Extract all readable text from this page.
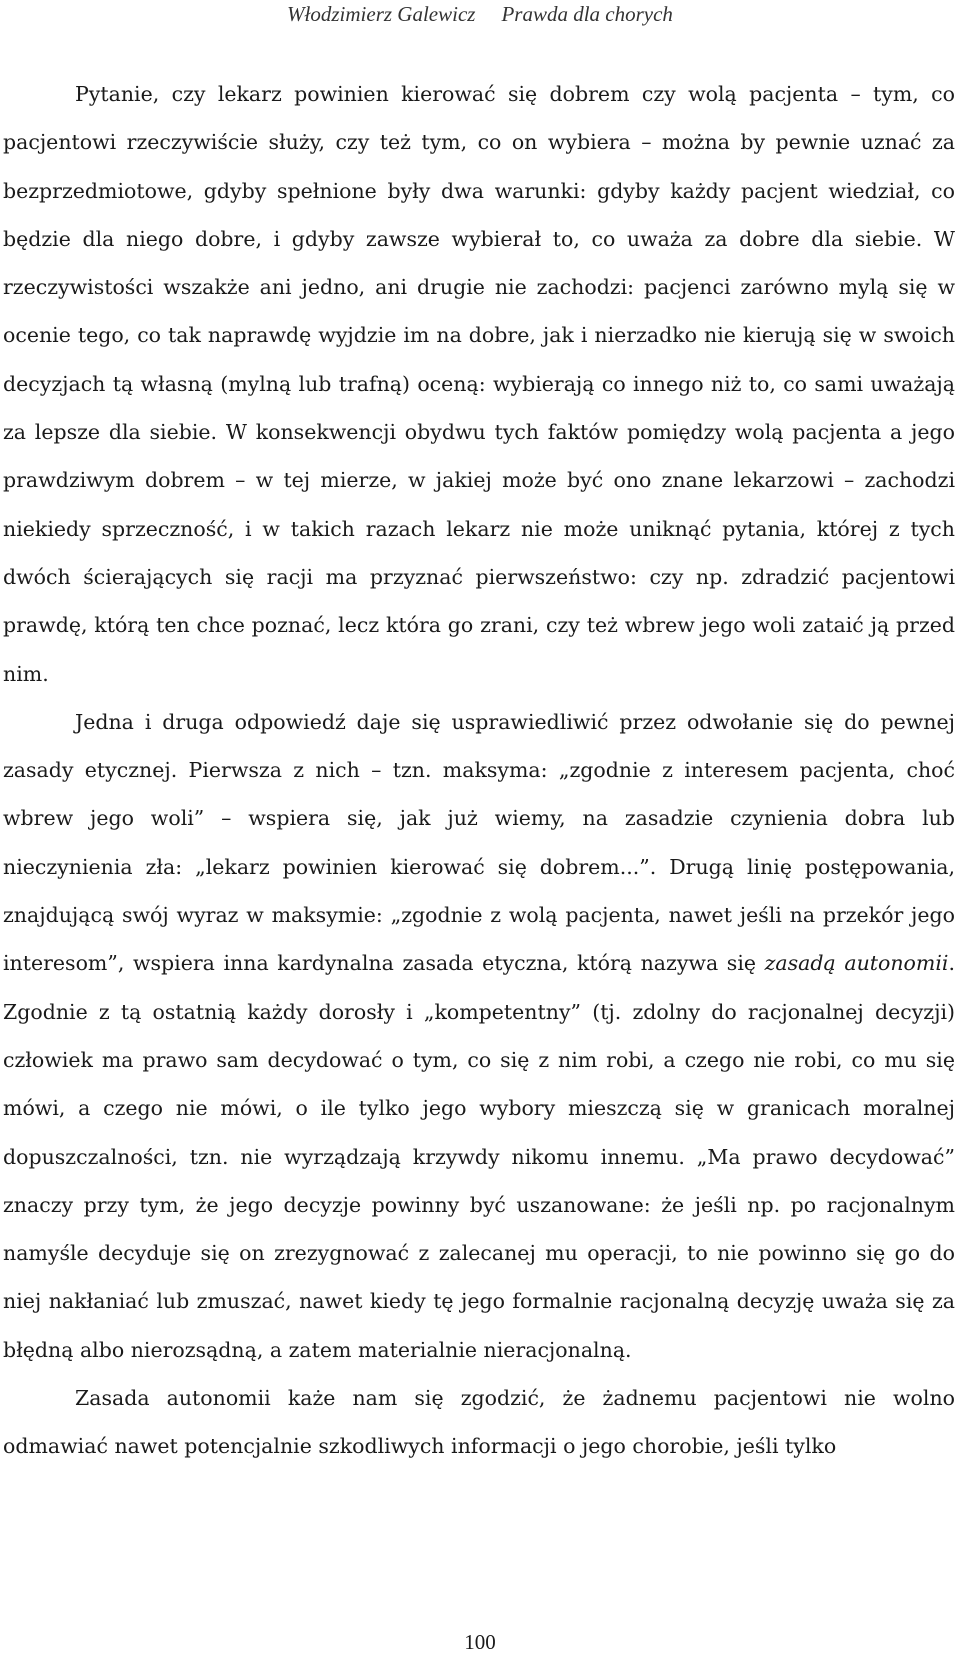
Włodzimierz Galewicz Prawda dla chorych

Pytanie, czy lekarz powinien kierować się dobrem czy wolą pacjenta – tym, co pacjentowi rzeczywiście służy, czy też tym, co on wybiera – można by pewnie uznać za bezprzedmiotowe, gdyby spełnione były dwa warunki: gdyby każdy pacjent wiedział, co będzie dla niego dobre, i gdyby zawsze wybierał to, co uważa za dobre dla siebie. W rzeczywistości wszakże ani jedno, ani drugie nie zachodzi: pacjenci zarówno mylą się w ocenie tego, co tak naprawdę wyjdzie im na dobre, jak i nierzadko nie kierują się w swoich decyzjach tą własną (mylną lub trafną) oceną: wybierają co innego niż to, co sami uważają za lepsze dla siebie. W konsekwencji obydwu tych faktów pomiędzy wolą pacjenta a jego prawdziwym dobrem – w tej mierze, w jakiej może być ono znane lekarzowi – zachodzi niekiedy sprzeczność, i w takich razach lekarz nie może uniknąć pytania, której z tych dwóch ścierających się racji ma przyznać pierwszeństwo: czy np. zdradzić pacjentowi prawdę, którą ten chce poznać, lecz która go zrani, czy też wbrew jego woli zataić ją przed nim.

Jedna i druga odpowiedź daje się usprawiedliwić przez odwołanie się do pewnej zasady etycznej. Pierwsza z nich – tzn. maksyma: „zgodnie z interesem pacjenta, choć wbrew jego woli” – wspiera się, jak już wiemy, na zasadzie czynienia dobra lub nieczynienia zła: „lekarz powinien kierować się dobrem...”. Drugą linię postępowania, znajdującą swój wyraz w maksymie: „zgodnie z wolą pacjenta, nawet jeśli na przekór jego interesom”, wspiera inna kardynalna zasada etyczna, którą nazywa się zasadą autonomii. Zgodnie z tą ostatnią każdy dorosły i „kompetentny” (tj. zdolny do racjonalnej decyzji) człowiek ma prawo sam decydować o tym, co się z nim robi, a czego nie robi, co mu się mówi, a czego nie mówi, o ile tylko jego wybory mieszczą się w granicach moralnej dopuszczalności, tzn. nie wyrządzają krzywdy nikomu innemu. „Ma prawo decydować” znaczy przy tym, że jego decyzje powinny być uszanowane: że jeśli np. po racjonalnym namyśle decyduje się on zrezygnować z zalecanej mu operacji, to nie powinno się go do niej nakłaniać lub zmuszać, nawet kiedy tę jego formalnie racjonalną decyzję uważa się za błędną albo nierozsądną, a zatem materialnie nieracjonalną.

Zasada autonomii każe nam się zgodzić, że żadnemu pacjentowi nie wolno odmawiać nawet potencjalnie szkodliwych informacji o jego chorobie, jeśli tylko

100
